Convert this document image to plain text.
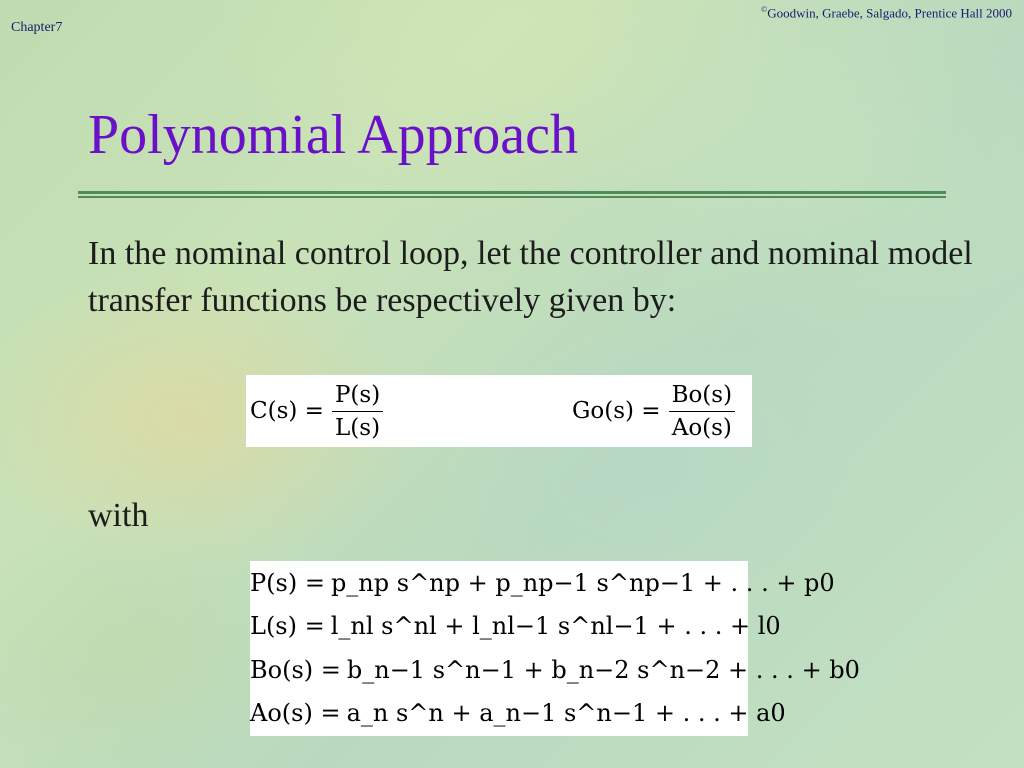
Chapter7
©Goodwin, Graebe, Salgado, Prentice Hall 2000
Polynomial Approach

In the nominal control loop, let the controller and nominal model transfer functions be respectively given by:

$C(s) = \frac{P(s)}{L(s)}$	$Go(s) = \frac{Bo(s)}{Ao(s)}$

with

P(s) = p_np s^np + p_np−1 s^np−1 + . . . + p0
L(s) = l_nl s^nl + l_nl−1 s^nl−1 + . . . + l0
Bo(s) = b_n−1 s^n−1 + b_n−2 s^n−2 + . . . + b0
Ao(s) = a_n s^n + a_n−1 s^n−1 + . . . + a0
